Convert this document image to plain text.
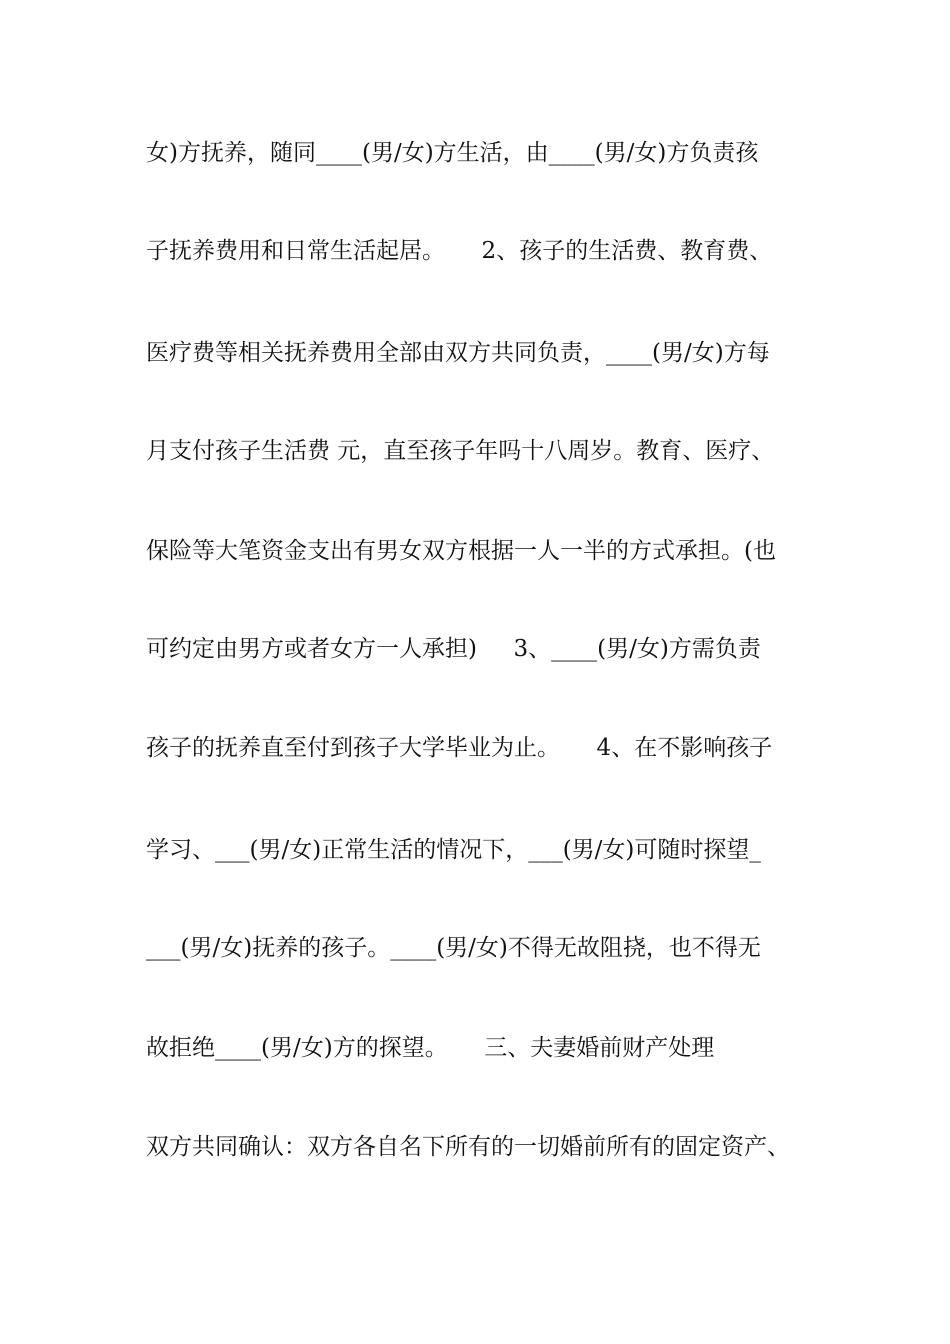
女)方抚养，随同____(男/女)方生活，由____(男/女)方负责孩
子抚养费用和日常生活起居。     2、孩子的生活费、教育费、
医疗费等相关抚养费用全部由双方共同负责，____(男/女)方每
月支付孩子生活费 元，直至孩子年吗十八周岁。教育、医疗、
保险等大笔资金支出有男女双方根据一人一半的方式承担。(也
可约定由男方或者女方一人承担)     3、____(男/女)方需负责
孩子的抚养直至付到孩子大学毕业为止。     4、在不影响孩子
学习、___(男/女)正常生活的情况下，___(男/女)可随时探望_
___(男/女)抚养的孩子。____(男/女)不得无故阻挠，也不得无
故拒绝____(男/女)方的探望。     三、夫妻婚前财产处理
双方共同确认：双方各自名下所有的一切婚前所有的固定资产、
